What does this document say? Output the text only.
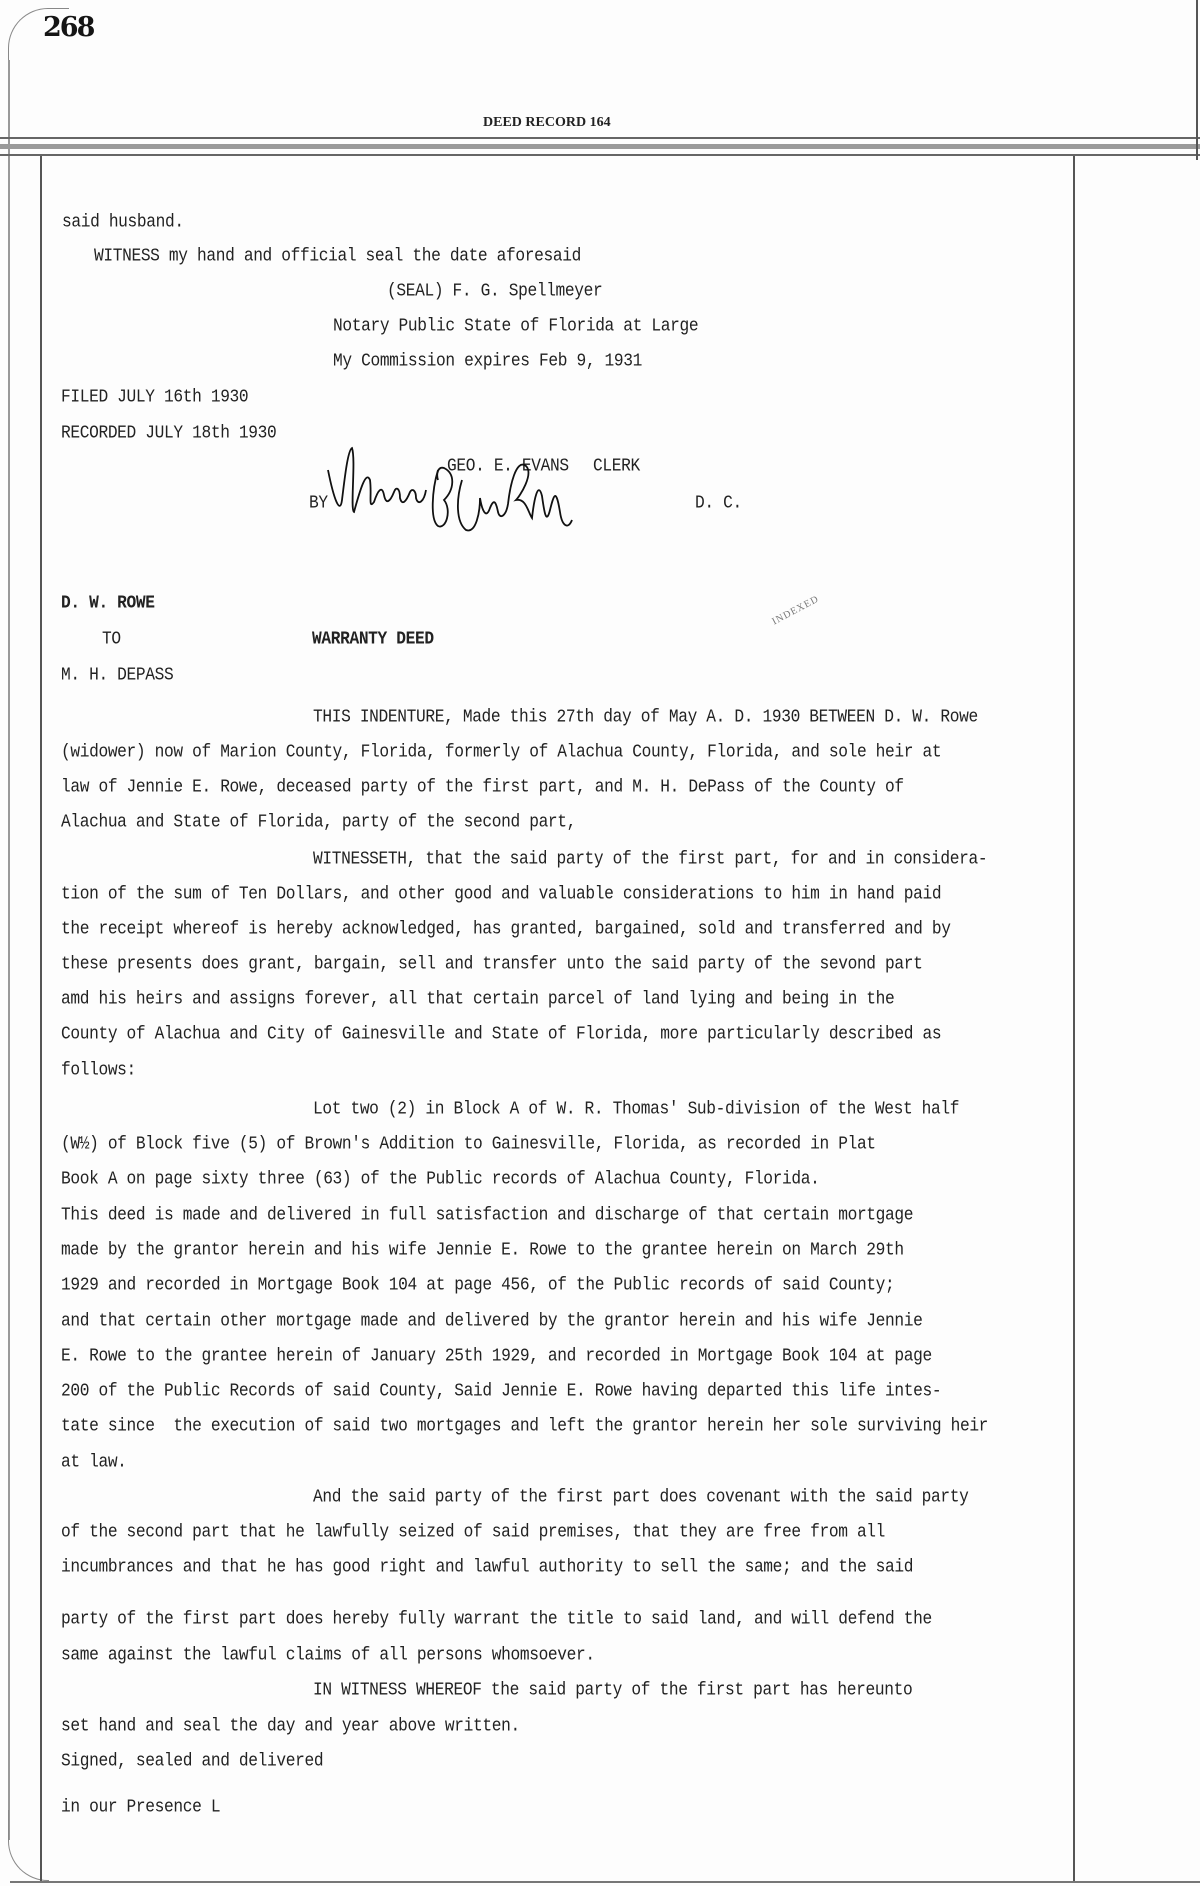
268
DEED RECORD 164
said husband.
WITNESS my hand and official seal the date aforesaid
(SEAL) F. G. Spellmeyer
Notary Public State of Florida at Large
My Commission expires Feb 9, 1931
FILED JULY 16th 1930
RECORDED JULY 18th 1930
GEO. E. EVANS CLERK
BY	D. C.
D. W. ROWE
TO	WARRANTY DEED
M. H. DEPASS
INDEXED
THIS INDENTURE, Made this 27th day of May A. D. 1930 BETWEEN D. W. Rowe
(widower) now of Marion County, Florida, formerly of Alachua County, Florida, and sole heir at
law of Jennie E. Rowe, deceased party of the first part, and M. H. DePass of the County of
Alachua and State of Florida, party of the second part,
WITNESSETH, that the said party of the first part, for and in considera-
tion of the sum of Ten Dollars, and other good and valuable considerations to him in hand paid
the receipt whereof is hereby acknowledged, has granted, bargained, sold and transferred and by
these presents does grant, bargain, sell and transfer unto the said party of the sevond part
amd his heirs and assigns forever, all that certain parcel of land lying and being in the
County of Alachua and City of Gainesville and State of Florida, more particularly described as
follows:
Lot two (2) in Block A of W. R. Thomas' Sub-division of the West half
(W½) of Block five (5) of Brown's Addition to Gainesville, Florida, as recorded in Plat
Book A on page sixty three (63) of the Public records of Alachua County, Florida.
This deed is made and delivered in full satisfaction and discharge of that certain mortgage
made by the grantor herein and his wife Jennie E. Rowe to the grantee herein on March 29th
1929 and recorded in Mortgage Book 104 at page 456, of the Public records of said County;
and that certain other mortgage made and delivered by the grantor herein and his wife Jennie
E. Rowe to the grantee herein of January 25th 1929, and recorded in Mortgage Book 104 at page
200 of the Public Records of said County, Said Jennie E. Rowe having departed this life intes-
tate since  the execution of said two mortgages and left the grantor herein her sole surviving heir
at law.
And the said party of the first part does covenant with the said party
of the second part that he lawfully seized of said premises, that they are free from all
incumbrances and that he has good right and lawful authority to sell the same; and the said
party of the first part does hereby fully warrant the title to said land, and will defend the
same against the lawful claims of all persons whomsoever.
IN WITNESS WHEREOF the said party of the first part has hereunto
set hand and seal the day and year above written.
Signed, sealed and delivered
in our Presence L
